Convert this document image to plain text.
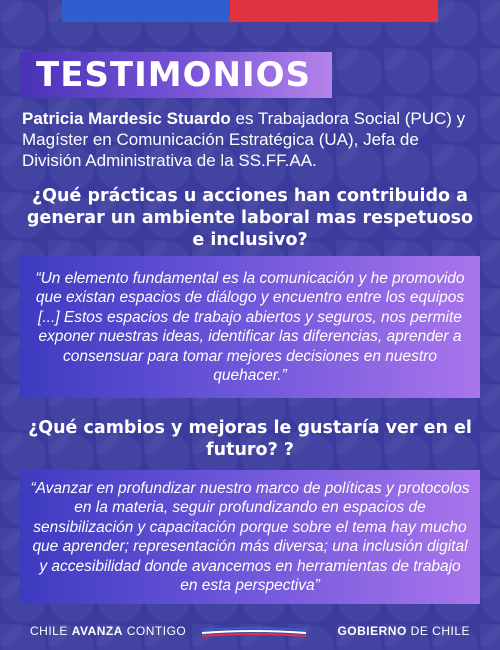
TESTIMONIOS
Patricia Mardesic Stuardo es Trabajadora Social (PUC) y Magíster en Comunicación Estratégica (UA), Jefa de División Administrativa de la SS.FF.AA.
¿Qué prácticas u acciones han contribuido a generar un ambiente laboral mas respetuoso e inclusivo?

“Un elemento fundamental es la comunicación y he promovido que existan espacios de diálogo y encuentro entre los equipos [...] Estos espacios de trabajo abiertos y seguros, nos permite exponer nuestras ideas, identificar las diferencias, aprender a consensuar para tomar mejores decisiones en nuestro quehacer.”

¿Qué cambios y mejoras le gustaría ver en el futuro? ?

“Avanzar en profundizar nuestro marco de políticas y protocolos en la materia, seguir profundizando en espacios de sensibilización y capacitación porque sobre el tema hay mucho que aprender; representación más diversa; una inclusión digital y accesibilidad donde avancemos en herramientas de trabajo en esta perspectiva”

CHILE AVANZA CONTIGO	GOBIERNO DE CHILE
